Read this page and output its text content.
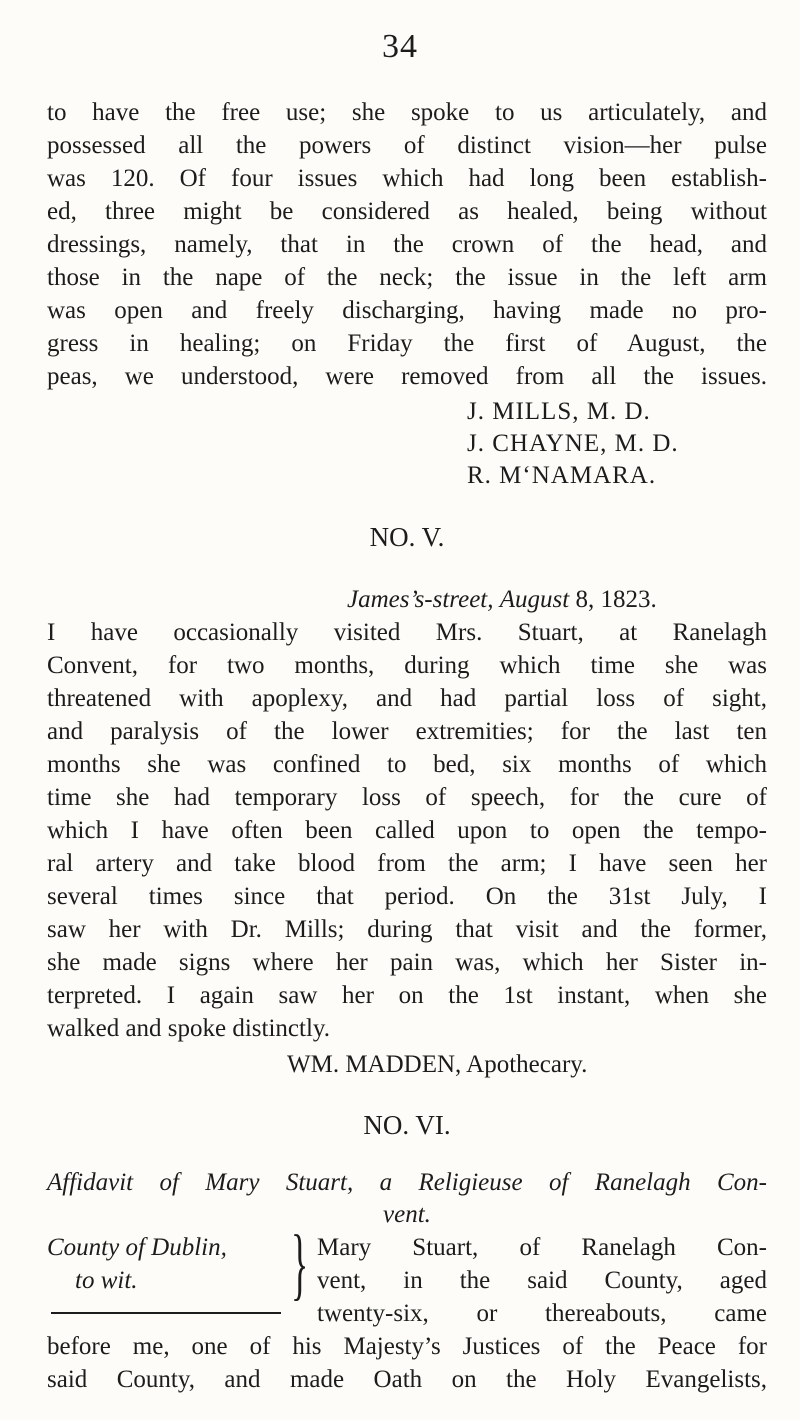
34
to have the free use; she spoke to us articulately, and
possessed all the powers of distinct vision—her pulse
was 120. Of four issues which had long been establish-
ed, three might be considered as healed, being without
dressings, namely, that in the crown of the head, and
those in the nape of the neck; the issue in the left arm
was open and freely discharging, having made no pro-
gress in healing; on Friday the first of August, the
peas, we understood, were removed from all the issues.
J. MILLS, M. D.
J. CHAYNE, M. D.
R. M‘NAMARA.
NO. V.
James’s-street, August 8, 1823.
I have occasionally visited Mrs. Stuart, at Ranelagh
Convent, for two months, during which time she was
threatened with apoplexy, and had partial loss of sight,
and paralysis of the lower extremities; for the last ten
months she was confined to bed, six months of which
time she had temporary loss of speech, for the cure of
which I have often been called upon to open the tempo-
ral artery and take blood from the arm; I have seen her
several times since that period. On the 31st July, I
saw her with Dr. Mills; during that visit and the former,
she made signs where her pain was, which her Sister in-
terpreted. I again saw her on the 1st instant, when she
walked and spoke distinctly.
WM. MADDEN, Apothecary.
NO. VI.
Affidavit of Mary Stuart, a Religieuse of Ranelagh Con-
vent.
County of Dublin,
to wit. } Mary Stuart, of Ranelagh Con-
vent, in the said County, aged
twenty-six, or thereabouts, came
before me, one of his Majesty’s Justices of the Peace for
said County, and made Oath on the Holy Evangelists,
